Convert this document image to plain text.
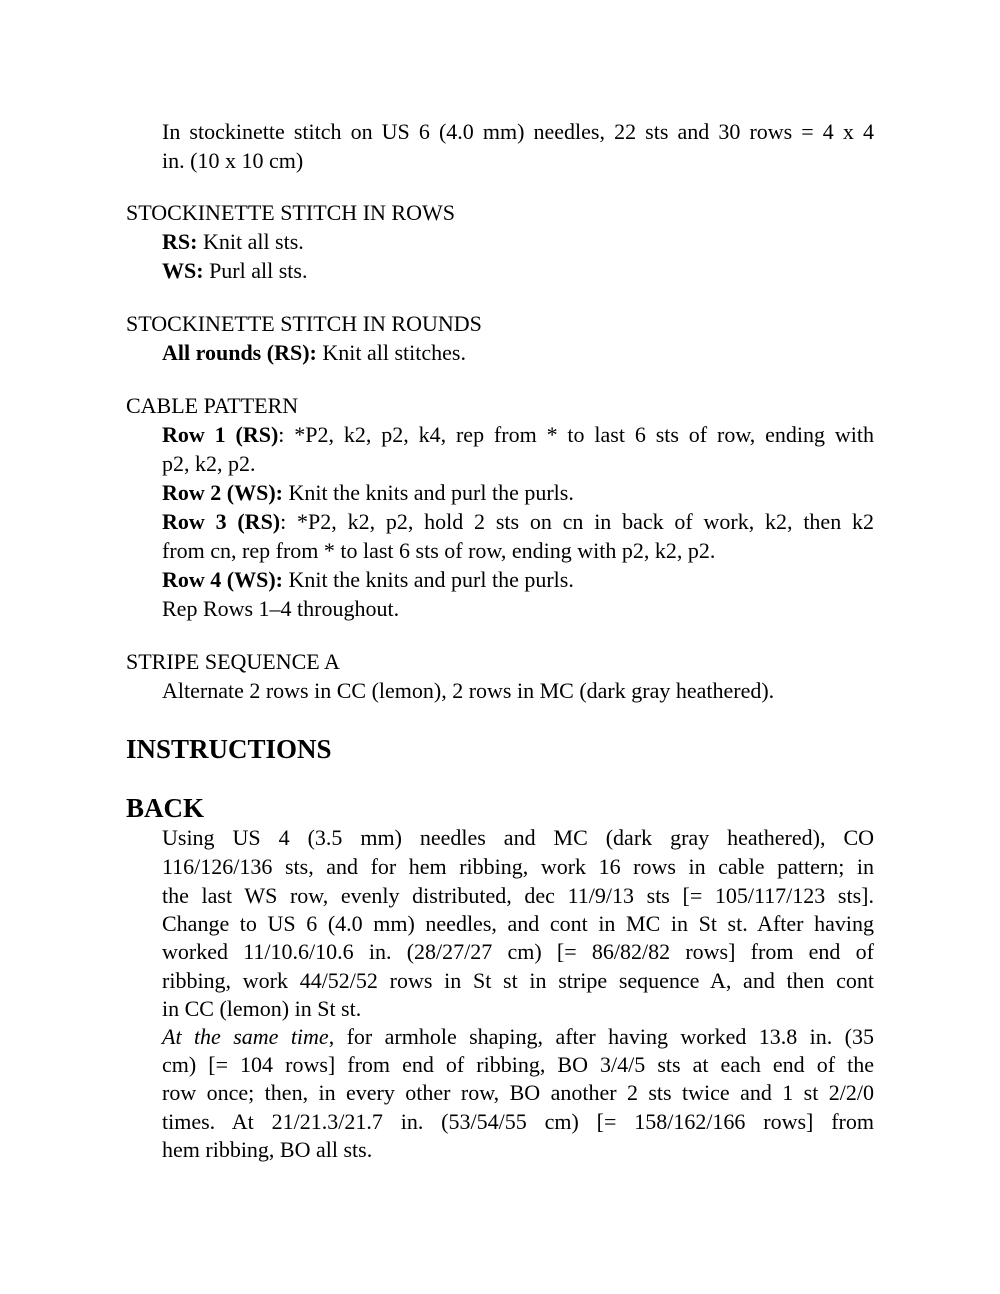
In stockinette stitch on US 6 (4.0 mm) needles, 22 sts and 30 rows = 4 x 4
in. (10 x 10 cm)
STOCKINETTE STITCH IN ROWS
RS: Knit all sts.
WS: Purl all sts.
STOCKINETTE STITCH IN ROUNDS
All rounds (RS): Knit all stitches.
CABLE PATTERN
Row 1 (RS): *P2, k2, p2, k4, rep from * to last 6 sts of row, ending with
p2, k2, p2.
Row 2 (WS): Knit the knits and purl the purls.
Row 3 (RS): *P2, k2, p2, hold 2 sts on cn in back of work, k2, then k2
from cn, rep from * to last 6 sts of row, ending with p2, k2, p2.
Row 4 (WS): Knit the knits and purl the purls.
Rep Rows 1–4 throughout.
STRIPE SEQUENCE A
Alternate 2 rows in CC (lemon), 2 rows in MC (dark gray heathered).
INSTRUCTIONS
BACK
Using US 4 (3.5 mm) needles and MC (dark gray heathered), CO
116/126/136 sts, and for hem ribbing, work 16 rows in cable pattern; in
the last WS row, evenly distributed, dec 11/9/13 sts [= 105/117/123 sts].
Change to US 6 (4.0 mm) needles, and cont in MC in St st. After having
worked 11/10.6/10.6 in. (28/27/27 cm) [= 86/82/82 rows] from end of
ribbing, work 44/52/52 rows in St st in stripe sequence A, and then cont
in CC (lemon) in St st.
At the same time, for armhole shaping, after having worked 13.8 in. (35
cm) [= 104 rows] from end of ribbing, BO 3/4/5 sts at each end of the
row once; then, in every other row, BO another 2 sts twice and 1 st 2/2/0
times. At 21/21.3/21.7 in. (53/54/55 cm) [= 158/162/166 rows] from
hem ribbing, BO all sts.
